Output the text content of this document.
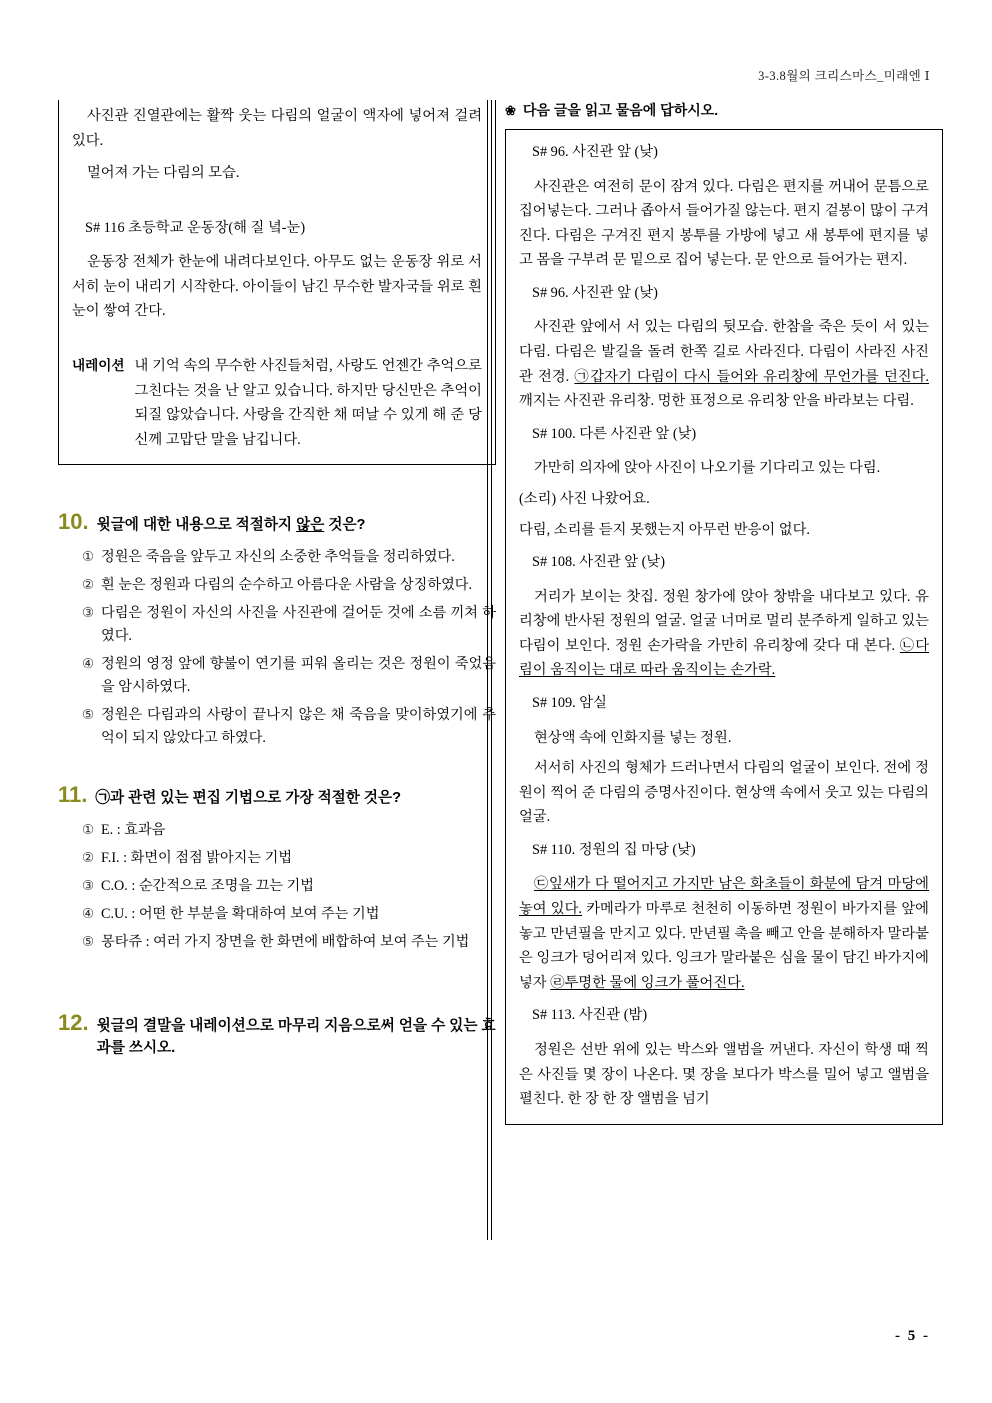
3-3.8월의 크리스마스_미래엔 Ⅰ

사진관 진열관에는 활짝 웃는 다림의 얼굴이 액자에 넣어져 걸려 있다.

멀어져 가는 다림의 모습.

S# 116 초등학교 운동장(해 질 녘-눈)

운동장 전체가 한눈에 내려다보인다. 아무도 없는 운동장 위로 서서히 눈이 내리기 시작한다. 아이들이 남긴 무수한 발자국들 위로 흰 눈이 쌓여 간다.

내레이션 내 기억 속의 무수한 사진들처럼, 사랑도 언젠간 추억으로 그친다는 것을 난 알고 있습니다. 하지만 당신만은 추억이 되질 않았습니다. 사랑을 간직한 채 떠날 수 있게 해 준 당신께 고맙단 말을 남깁니다.
10. 윗글에 대한 내용으로 적절하지 않은 것은?
① 정원은 죽음을 앞두고 자신의 소중한 추억들을 정리하였다.
② 흰 눈은 정원과 다림의 순수하고 아름다운 사람을 상징하였다.
③ 다림은 정원이 자신의 사진을 사진관에 걸어둔 것에 소름 끼쳐 하였다.
④ 정원의 영정 앞에 향불이 연기를 피워 올리는 것은 정원이 죽었음을 암시하였다.
⑤ 정원은 다림과의 사랑이 끝나지 않은 채 죽음을 맞이하였기에 추억이 되지 않았다고 하였다.
11. ㉠과 관련 있는 편집 기법으로 가장 적절한 것은?
① E. : 효과음
② F.I. : 화면이 점점 밝아지는 기법
③ C.O. : 순간적으로 조명을 끄는 기법
④ C.U. : 어떤 한 부분을 확대하여 보여 주는 기법
⑤ 몽타쥬 : 여러 가지 장면을 한 화면에 배합하여 보여 주는 기법
12. 윗글의 결말을 내레이션으로 마무리 지음으로써 얻을 수 있는 효과를 쓰시오.
❀ 다음 글을 읽고 물음에 답하시오.

S# 96. 사진관 앞 (낮)

사진관은 여전히 문이 잠겨 있다. 다림은 편지를 꺼내어 문틈으로 집어넣는다. 그러나 좁아서 들어가질 않는다. 편지 겉봉이 많이 구겨진다. 다림은 구겨진 편지 봉투를 가방에 넣고 새 봉투에 편지를 넣고 몸을 구부려 문 밑으로 집어 넣는다. 문 안으로 들어가는 편지.

S# 96. 사진관 앞 (낮)

사진관 앞에서 서 있는 다림의 뒷모습. 한참을 죽은 듯이 서 있는 다림. 다림은 발길을 돌려 한쪽 길로 사라진다. 다림이 사라진 사진관 전경. ㉠갑자기 다림이 다시 들어와 유리창에 무언가를 던진다. 깨지는 사진관 유리창. 멍한 표정으로 유리창 안을 바라보는 다림.

S# 100. 다른 사진관 앞 (낮)

가만히 의자에 앉아 사진이 나오기를 기다리고 있는 다림.

(소리) 사진 나왔어요.

다림, 소리를 듣지 못했는지 아무런 반응이 없다.

S# 108. 사진관 앞 (낮)

거리가 보이는 찻집. 정원 창가에 앉아 창밖을 내다보고 있다. 유리창에 반사된 정원의 얼굴. 얼굴 너머로 멀리 분주하게 일하고 있는 다림이 보인다. 정원 손가락을 가만히 유리창에 갖다 대 본다. ㉡다림이 움직이는 대로 따라 움직이는 손가락.

S# 109. 암실

현상액 속에 인화지를 넣는 정원.

서서히 사진의 형체가 드러나면서 다림의 얼굴이 보인다. 전에 정원이 찍어 준 다림의 증명사진이다. 현상액 속에서 웃고 있는 다림의 얼굴.

S# 110. 정원의 집 마당 (낮)

㉢잎새가 다 떨어지고 가지만 남은 화초들이 화분에 담겨 마당에 놓여 있다. 카메라가 마루로 천천히 이동하면 정원이 바가지를 앞에 놓고 만년필을 만지고 있다. 만년필 촉을 빼고 안을 분해하자 말라붙은 잉크가 덩어리져 있다. 잉크가 말라붙은 심을 물이 담긴 바가지에 넣자 ㉣투명한 물에 잉크가 풀어진다.

S# 113. 사진관 (밤)

정원은 선반 위에 있는 박스와 앨범을 꺼낸다. 자신이 학생 때 찍은 사진들 몇 장이 나온다. 몇 장을 보다가 박스를 밀어 넣고 앨범을 펼친다. 한 장 한 장 앨범을 넘기

- 5 -
